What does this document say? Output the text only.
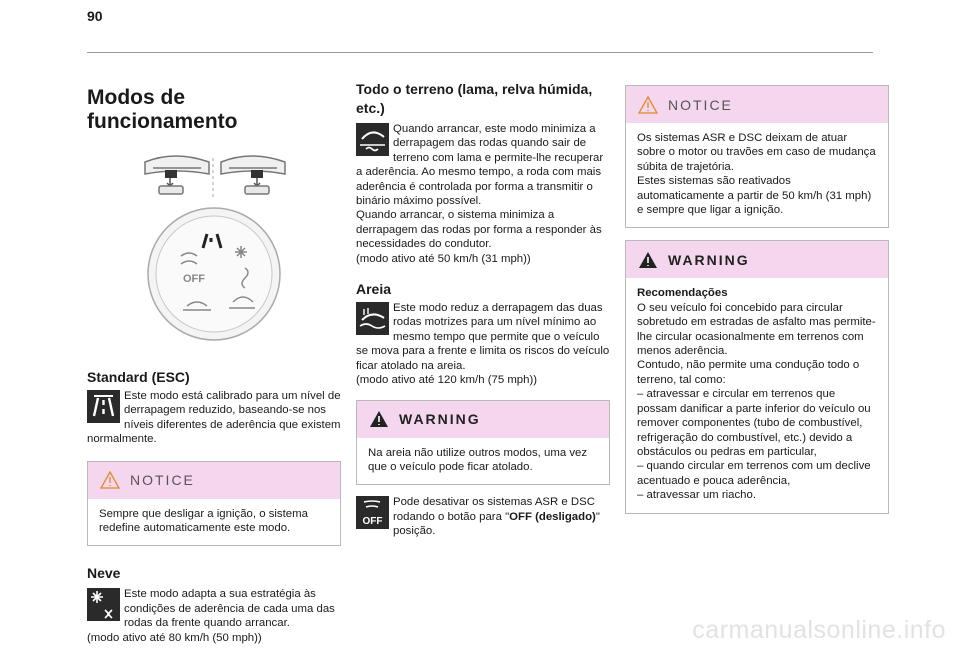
90
Modos de funcionamento
OFF
Standard (ESC)
Este modo está calibrado para um nível de derrapagem reduzido, baseando-se nos níveis diferentes de aderência que existem normalmente.
NOTICE
Sempre que desligar a ignição, o sistema redefine automaticamente este modo.
Neve
Este modo adapta a sua estratégia às condições de aderência de cada uma das rodas da frente quando arrancar.

(modo ativo até 80 km/h (50 mph))

Todo o terreno (lama, relva húmida, etc.)
Quando arrancar, este modo minimiza a derrapagem das rodas quando sair de terreno com lama e permite-lhe recuperar a aderência. Ao mesmo tempo, a roda com mais aderência é controlada por forma a transmitir o binário máximo possível.

Quando arrancar, o sistema minimiza a derrapagem das rodas por forma a responder às necessidades do condutor.

(modo ativo até 50 km/h (31 mph))

Areia
Este modo reduz a derrapagem das duas rodas motrizes para um nível mínimo ao mesmo tempo que permite que o veículo se mova para a frente e limita os riscos do veículo ficar atolado na areia.

(modo ativo até 120 km/h (75 mph))

WARNING
Na areia não utilize outros modos, uma vez que o veículo pode ficar atolado.
OFF
Pode desativar os sistemas ASR e DSC rodando o botão para "OFF (desligado)" posição.
NOTICE
Os sistemas ASR e DSC deixam de atuar sobre o motor ou travões em caso de mudança súbita de trajetória.
Estes sistemas são reativados automaticamente a partir de 50 km/h (31 mph) e sempre que ligar a ignição.
WARNING
Recomendações
O seu veículo foi concebido para circular sobretudo em estradas de asfalto mas permite-lhe circular ocasionalmente em terrenos com menos aderência.
Contudo, não permite uma condução todo o terreno, tal como:
– atravessar e circular em terrenos que possam danificar a parte inferior do veículo ou remover componentes (tubo de combustível, refrigeração do combustível, etc.) devido a obstáculos ou pedras em particular,
– quando circular em terrenos com um declive acentuado e pouca aderência,
– atravessar um riacho.
carmanualsonline.info
